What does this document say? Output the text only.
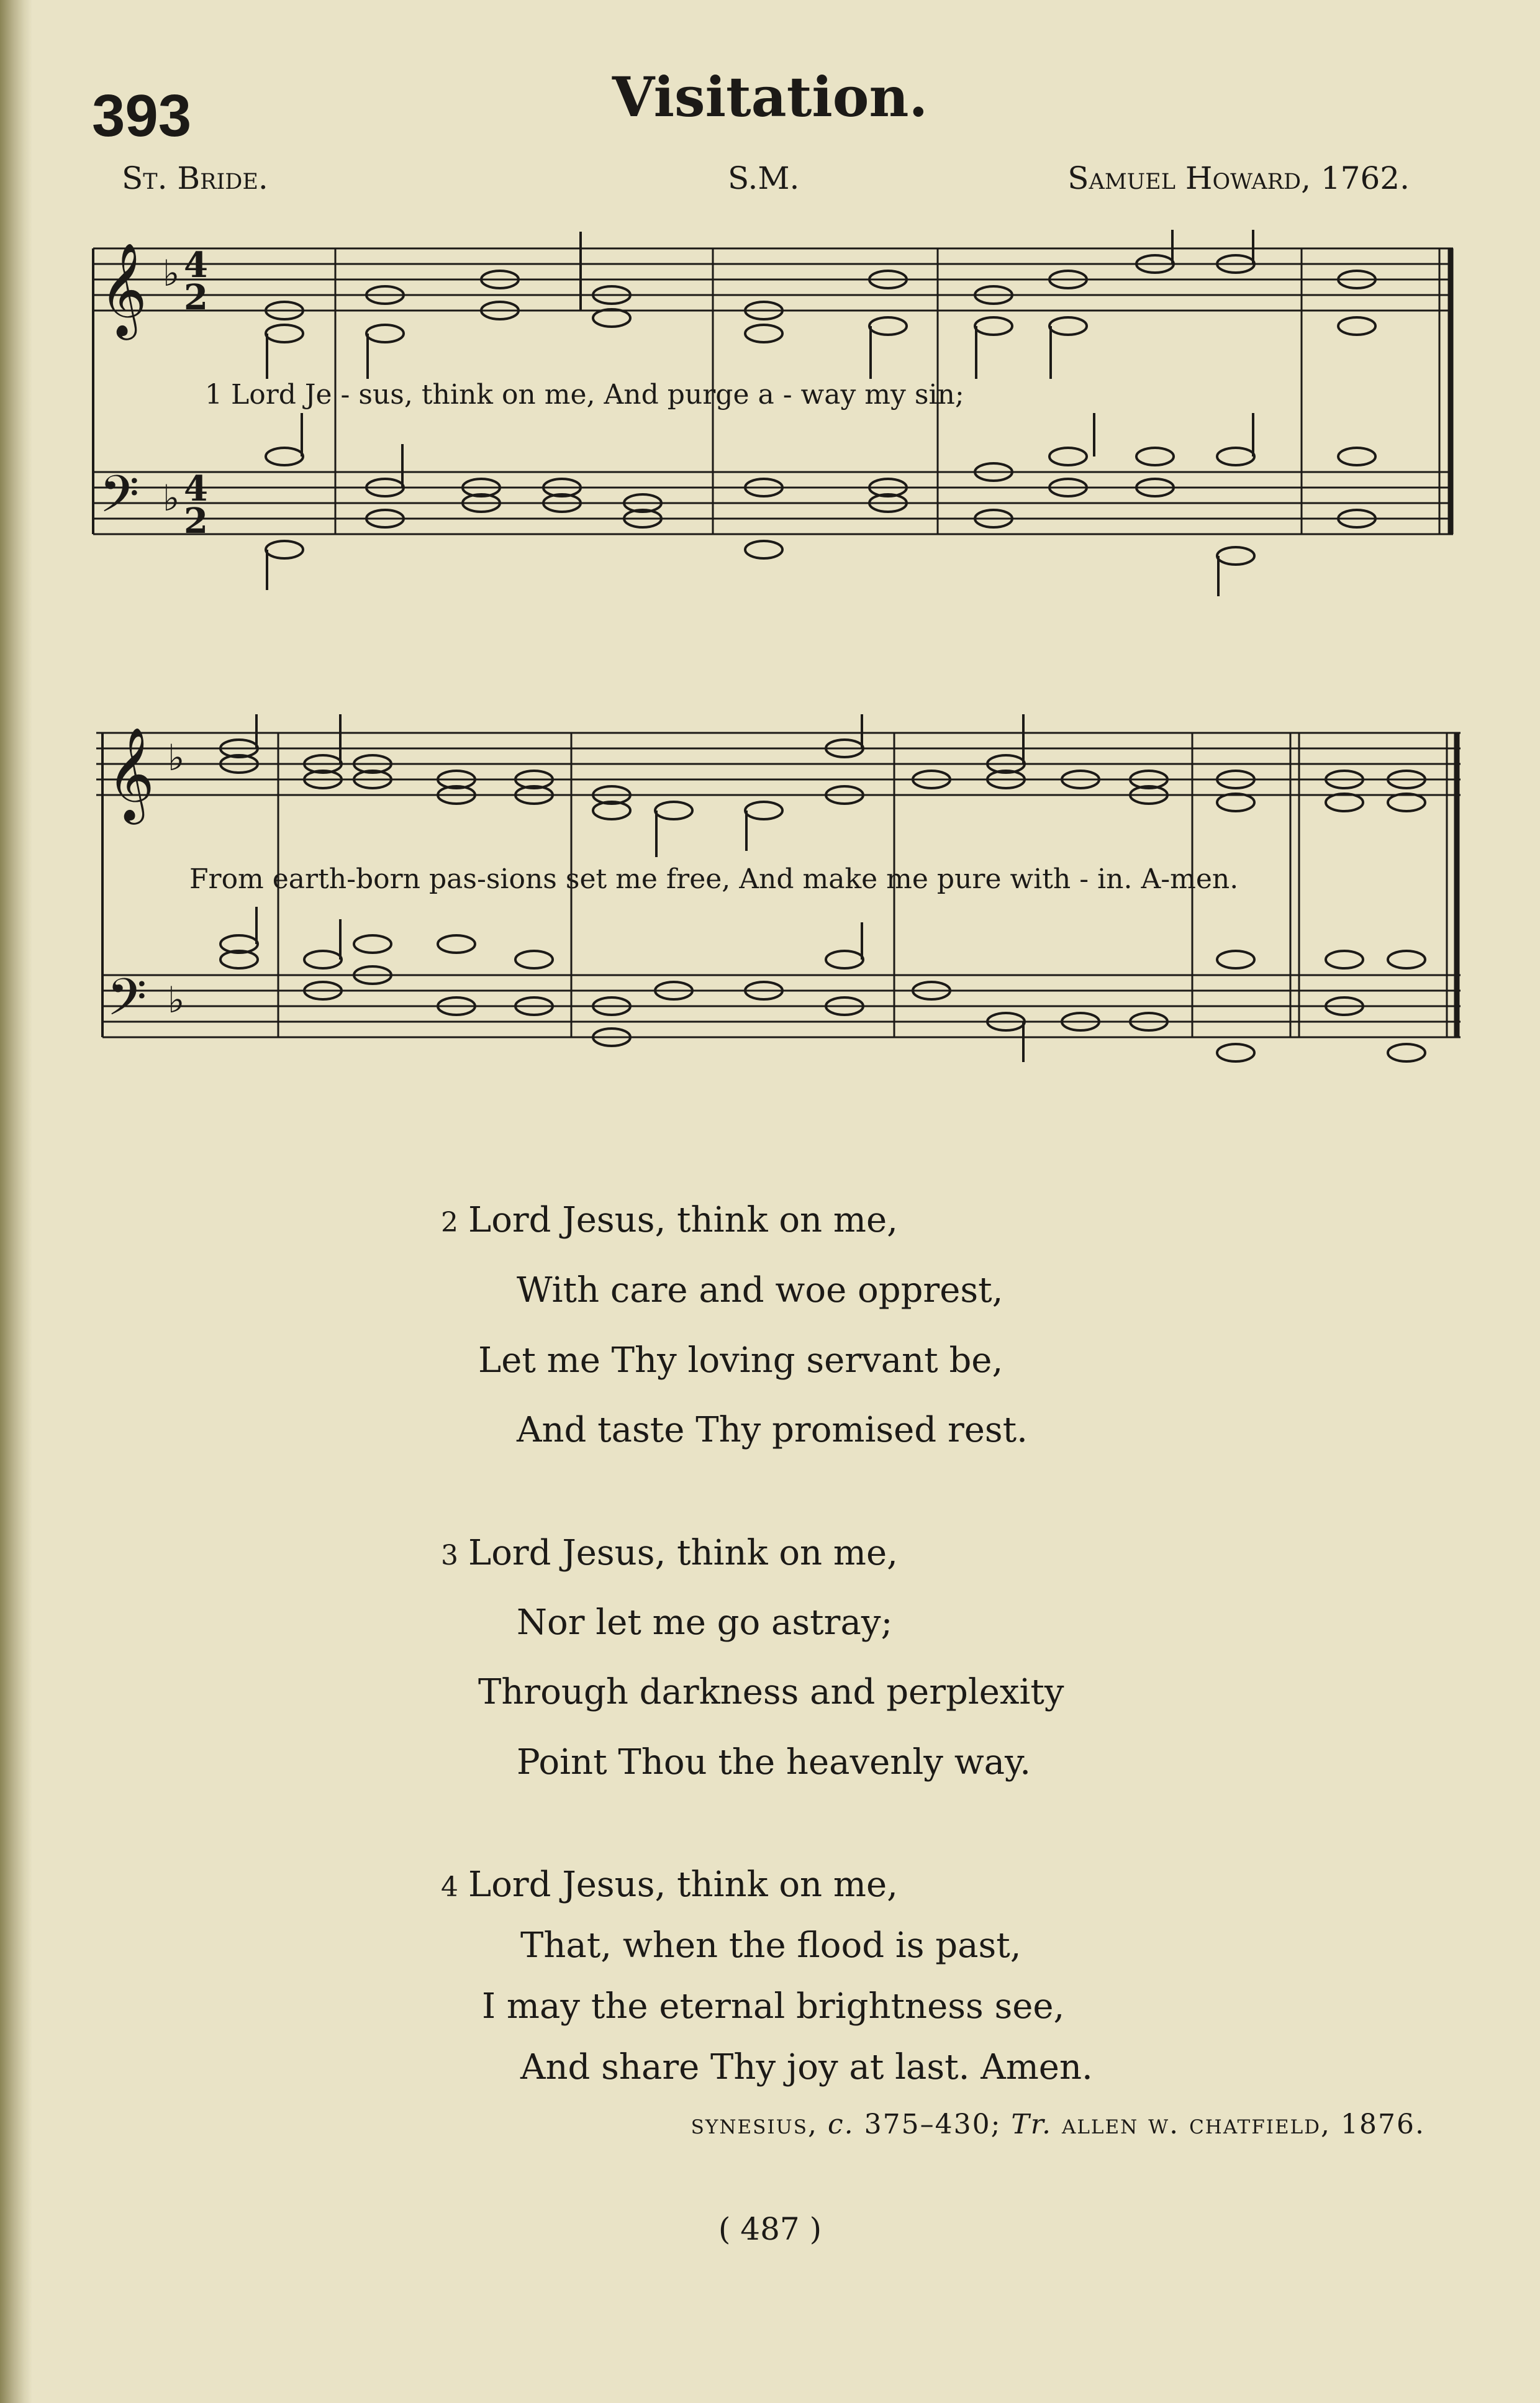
393	Visitation.
St. Bride.	S.M.	Samuel Howard, 1762.
𝄞 ♭ 4
2
𝄢 ♭ 4
2
1 Lord Je - sus, think on me, And purge a - way my sin;
𝄞 ♭
𝄢 ♭
From earth-born pas-sions set me free, And make me pure with - in. A-men.
2 Lord Jesus, think on me,
With care and woe opprest,
Let me Thy loving servant be,
And taste Thy promised rest.
3 Lord Jesus, think on me,
Nor let me go astray;
Through darkness and perplexity
Point Thou the heavenly way.
4 Lord Jesus, think on me,
That, when the flood is past,
I may the eternal brightness see,
And share Thy joy at last. Amen.
synesius, c. 375–430; Tr. allen w. chatfield, 1876.
( 487 )
